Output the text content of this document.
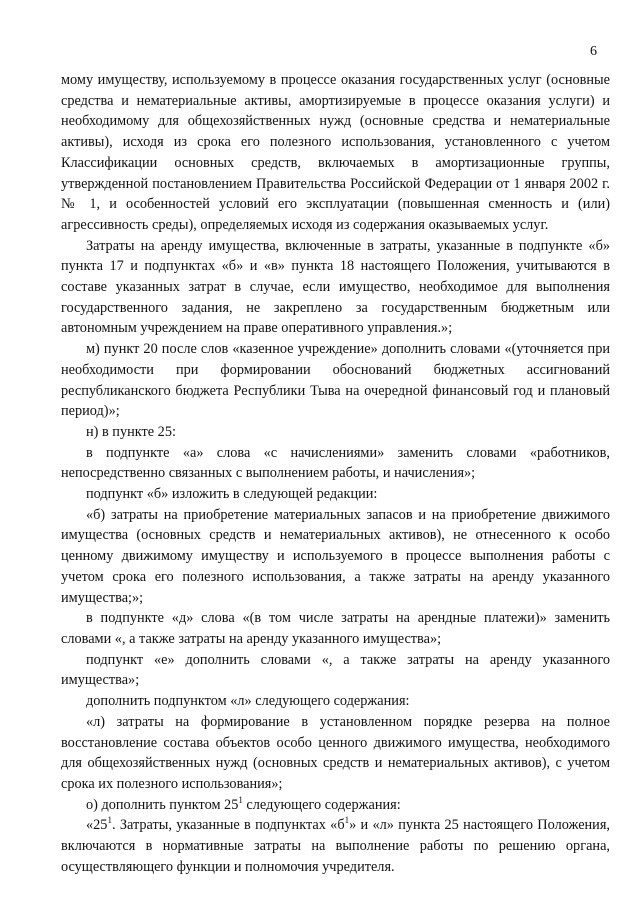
6

мому имуществу, используемому в процессе оказания государственных услуг (основные средства и нематериальные активы, амортизируемые в процессе оказания услуги) и необходимому для общехозяйственных нужд (основные средства и нематериальные активы), исходя из срока его полезного использования, установленного с учетом Классификации основных средств, включаемых в амортизационные группы, утвержденной постановлением Правительства Российской Федерации от 1 января 2002 г. № 1, и особенностей условий его эксплуатации (повышенная сменность и (или) агрессивность среды), определяемых исходя из содержания оказываемых услуг.

Затраты на аренду имущества, включенные в затраты, указанные в подпункте «б» пункта 17 и подпунктах «б» и «в» пункта 18 настоящего Положения, учитываются в составе указанных затрат в случае, если имущество, необходимое для выполнения государственного задания, не закреплено за государственным бюджетным или автономным учреждением на праве оперативного управления.»;

м) пункт 20 после слов «казенное учреждение» дополнить словами «(уточняется при необходимости при формировании обоснований бюджетных ассигнований республиканского бюджета Республики Тыва на очередной финансовый год и плановый период)»;

н) в пункте 25:

в подпункте «а» слова «с начислениями» заменить словами «работников, непосредственно связанных с выполнением работы, и начисления»;

подпункт «б» изложить в следующей редакции:

«б) затраты на приобретение материальных запасов и на приобретение движимого имущества (основных средств и нематериальных активов), не отнесенного к особо ценному движимому имуществу и используемого в процессе выполнения работы с учетом срока его полезного использования, а также затраты на аренду указанного имущества;»;

в подпункте «д» слова «(в том числе затраты на арендные платежи)» заменить словами «, а также затраты на аренду указанного имущества»;

подпункт «е» дополнить словами «, а также затраты на аренду указанного имущества»;

дополнить подпунктом «л» следующего содержания:

«л) затраты на формирование в установленном порядке резерва на полное восстановление состава объектов особо ценного движимого имущества, необходимого для общехозяйственных нужд (основных средств и нематериальных активов), с учетом срока их полезного использования»;

о) дополнить пунктом $25^1$ следующего содержания:

«$25^1$. Затраты, указанные в подпунктах «$б^1$» и «л» пункта 25 настоящего Положения, включаются в нормативные затраты на выполнение работы по решению органа, осуществляющего функции и полномочия учредителя.
